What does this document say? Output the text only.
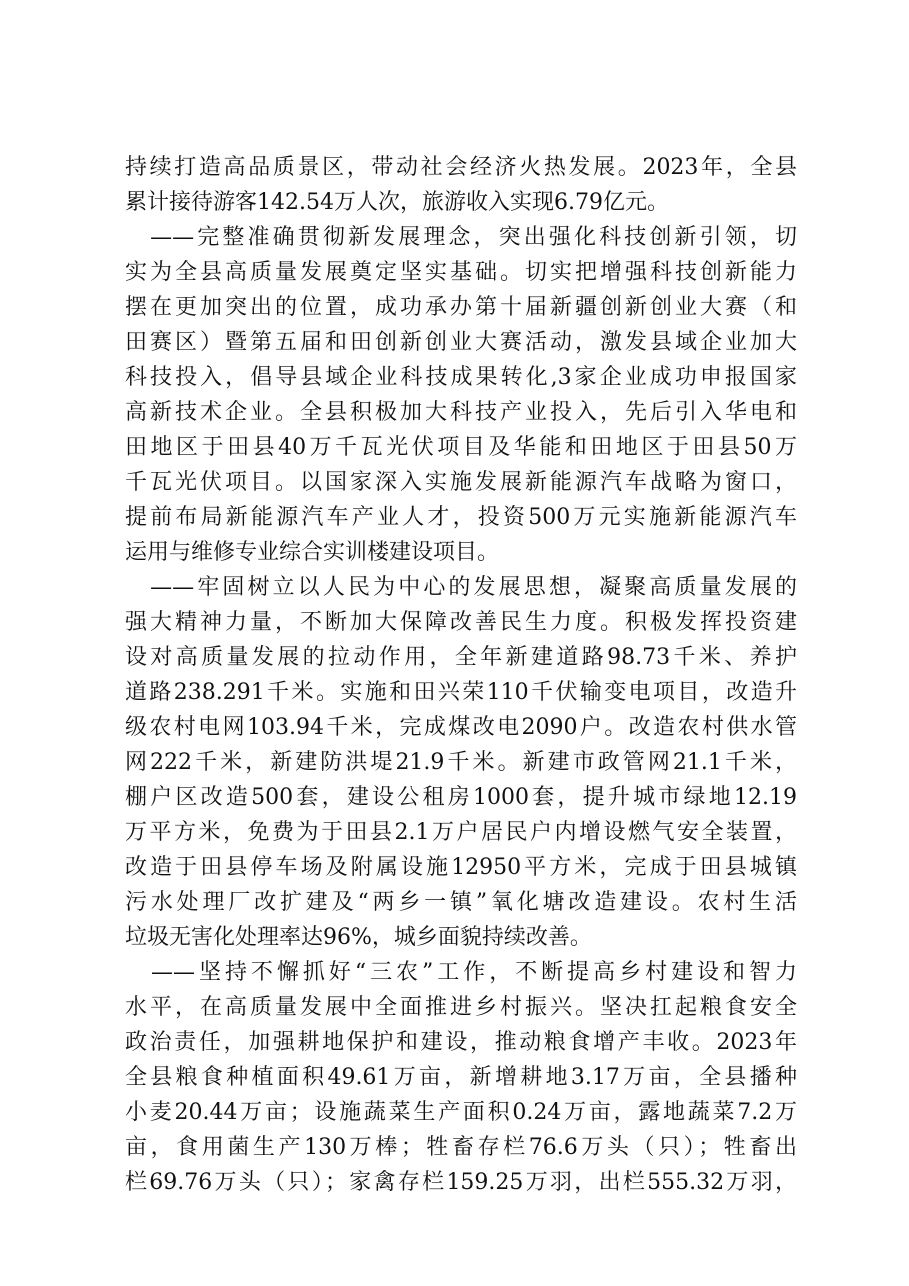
持续打造高品质景区，带动社会经济火热发展。2023年，全县
累计接待游客142.54万人次，旅游收入实现6.79亿元。
　——完整准确贯彻新发展理念，突出强化科技创新引领，切
实为全县高质量发展奠定坚实基础。切实把增强科技创新能力
摆在更加突出的位置，成功承办第十届新疆创新创业大赛（和
田赛区）暨第五届和田创新创业大赛活动，激发县域企业加大
科技投入，倡导县域企业科技成果转化,3家企业成功申报国家
高新技术企业。全县积极加大科技产业投入，先后引入华电和
田地区于田县40万千瓦光伏项目及华能和田地区于田县50万
千瓦光伏项目。以国家深入实施发展新能源汽车战略为窗口，
提前布局新能源汽车产业人才，投资500万元实施新能源汽车
运用与维修专业综合实训楼建设项目。
　——牢固树立以人民为中心的发展思想，凝聚高质量发展的
强大精神力量，不断加大保障改善民生力度。积极发挥投资建
设对高质量发展的拉动作用，全年新建道路98.73千米、养护
道路238.291千米。实施和田兴荣110千伏输变电项目，改造升
级农村电网103.94千米，完成煤改电2090户。改造农村供水管
网222千米，新建防洪堤21.9千米。新建市政管网21.1千米，
棚户区改造500套，建设公租房1000套，提升城市绿地12.19
万平方米，免费为于田县2.1万户居民户内增设燃气安全装置，
改造于田县停车场及附属设施12950平方米，完成于田县城镇
污水处理厂改扩建及“两乡一镇”氧化塘改造建设。农村生活
垃圾无害化处理率达96%，城乡面貌持续改善。
　——坚持不懈抓好“三农”工作，不断提高乡村建设和智力
水平，在高质量发展中全面推进乡村振兴。坚决扛起粮食安全
政治责任，加强耕地保护和建设，推动粮食增产丰收。2023年
全县粮食种植面积49.61万亩，新增耕地3.17万亩，全县播种
小麦20.44万亩；设施蔬菜生产面积0.24万亩，露地蔬菜7.2万
亩，食用菌生产130万棒；牲畜存栏76.6万头（只）；牲畜出
栏69.76万头（只）；家禽存栏159.25万羽，出栏555.32万羽，
